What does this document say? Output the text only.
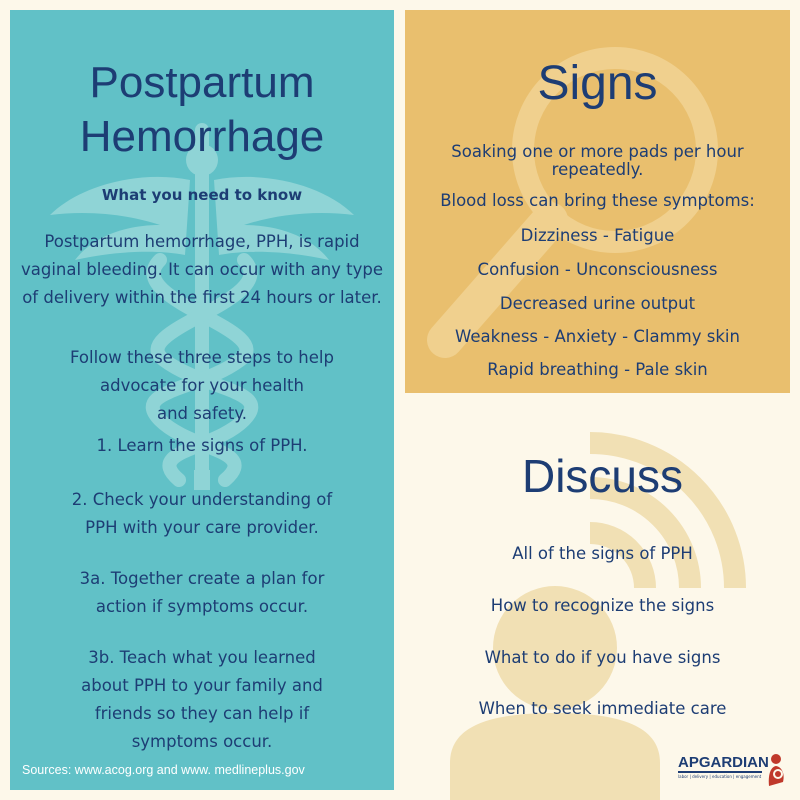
Postpartum
Hemorrhage

What you need to know

Postpartum hemorrhage, PPH, is rapid vaginal bleeding. It can occur with any type of delivery within the first 24 hours or later.

Follow these three steps to help
advocate for your health
and safety.

1. Learn the signs of PPH.

2. Check your understanding of
PPH with your care provider.

3a. Together create a plan for
action if symptoms occur.

3b. Teach what you learned
about PPH to your family and
friends so they can help if
symptoms occur.

Sources: www.acog.org and www. medlineplus.gov

Signs

Soaking one or more pads per hour

repeatedly.

Blood loss can bring these symptoms:

Dizziness - Fatigue

Confusion - Unconsciousness

Decreased urine output

Weakness - Anxiety - Clammy skin

Rapid breathing - Pale skin

Discuss

All of the signs of PPH

How to recognize the signs

What to do if you have signs

When to seek immediate care

APGARDIAN
labor | delivery | education | engagement
